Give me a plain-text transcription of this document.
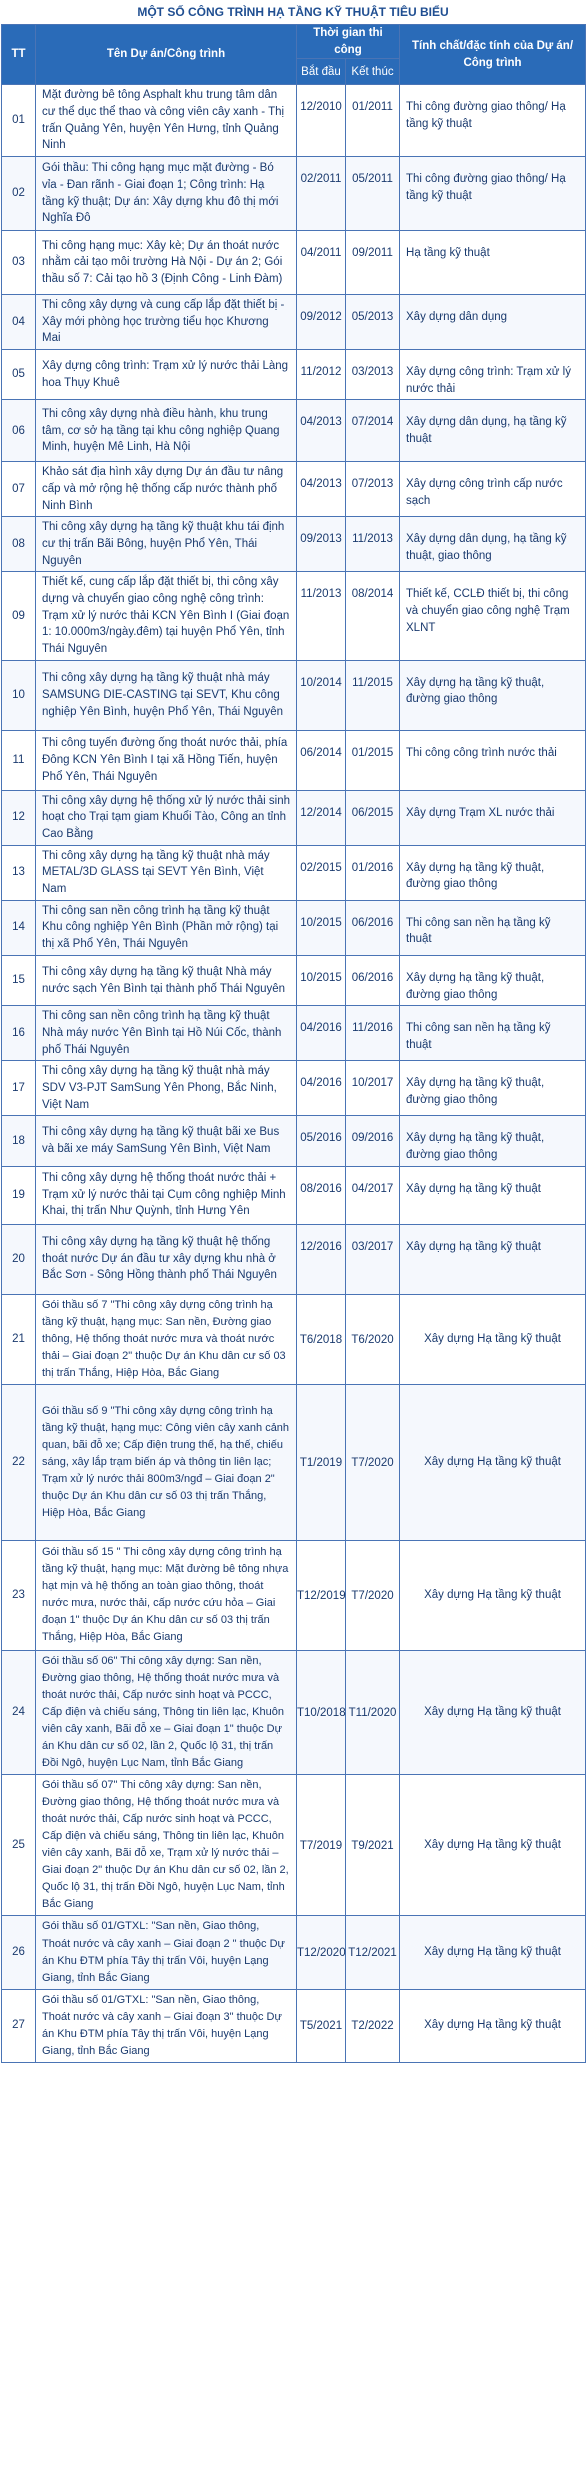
MỘT SỐ CÔNG TRÌNH HẠ TẦNG KỸ THUẬT TIÊU BIỂU
TT	Tên Dự án/Công trình	Thời gian thi công		Tính chất/đặc tính của Dự án/ Công trình
		Bắt đầu	Kết thúc	
01	Mặt đường bê tông Asphalt khu trung tâm dân cư thể dục thể thao và công viên cây xanh - Thị trấn Quảng Yên, huyện Yên Hưng, tỉnh Quảng Ninh	12/2010	01/2011	Thi công đường giao thông/ Hạ tầng kỹ thuật
02	Gói thầu: Thi công hạng mục mặt đường - Bó vỉa - Đan rãnh - Giai đoạn 1; Công trình: Hạ tầng kỹ thuật; Dự án: Xây dựng khu đô thị mới Nghĩa Đô	02/2011	05/2011	Thi công đường giao thông/ Hạ tầng kỹ thuật
03	Thi công hạng mục: Xây kè; Dự án thoát nước nhằm cải tạo môi trường Hà Nội - Dự án 2; Gói thầu số 7: Cải tạo hồ 3 (Định Công - Linh Đàm)	04/2011	09/2011	Hạ tầng kỹ thuật
04	Thi công xây dựng và cung cấp lắp đặt thiết bị - Xây mới phòng học trường tiểu học Khương Mai	09/2012	05/2013	Xây dựng dân dụng
05	Xây dựng công trình: Trạm xử lý nước thải Làng hoa Thụy Khuê	11/2012	03/2013	Xây dựng công trình: Trạm xử lý nước thải
06	Thi công xây dựng nhà điều hành, khu trung tâm, cơ sở hạ tầng tại khu công nghiệp Quang Minh, huyện Mê Linh, Hà Nội	04/2013	07/2014	Xây dựng dân dụng, hạ tầng kỹ thuật
07	Khảo sát địa hình xây dựng Dự án đầu tư nâng cấp và mở rộng hệ thống cấp nước thành phố Ninh Bình	04/2013	07/2013	Xây dựng công trình cấp nước sạch
08	Thi công xây dựng hạ tầng kỹ thuật khu tái định cư thị trấn Bãi Bông, huyện Phổ Yên, Thái Nguyên	09/2013	11/2013	Xây dựng dân dụng, hạ tầng kỹ thuật, giao thông
09	Thiết kế, cung cấp lắp đặt thiết bị, thi công xây dựng và chuyển giao công nghệ công trình: Trạm xử lý nước thải KCN Yên Bình I (Giai đoạn 1: 10.000m3/ngày.đêm) tại huyện Phổ Yên, tỉnh Thái Nguyên	11/2013	08/2014	Thiết kế, CCLĐ thiết bị, thi công và chuyển giao công nghệ Trạm XLNT
10	Thi công xây dựng hạ tầng kỹ thuật nhà máy SAMSUNG DIE-CASTING tại SEVT, Khu công nghiệp Yên Bình, huyện Phổ Yên, Thái Nguyên	10/2014	11/2015	Xây dựng hạ tầng kỹ thuật, đường giao thông
11	Thi công tuyến đường ống thoát nước thải, phía Đông KCN Yên Bình I tại xã Hồng Tiến, huyện Phổ Yên, Thái Nguyên	06/2014	01/2015	Thi công công trình nước thải
12	Thi công xây dựng hệ thống xử lý nước thải sinh hoạt cho Trại tạm giam Khuổi Tào, Công an tỉnh Cao Bằng	12/2014	06/2015	Xây dựng Trạm XL nước thải
13	Thi công xây dựng hạ tầng kỹ thuật nhà máy METAL/3D GLASS tại SEVT Yên Bình, Việt Nam	02/2015	01/2016	Xây dựng hạ tầng kỹ thuật, đường giao thông
14	Thi công san nền công trình hạ tầng kỹ thuật Khu công nghiệp Yên Bình (Phần mở rộng) tại thị xã Phổ Yên, Thái Nguyên	10/2015	06/2016	Thi công san nền hạ tầng kỹ thuật
15	Thi công xây dựng hạ tầng kỹ thuật Nhà máy nước sạch Yên Bình tại thành phố Thái Nguyên	10/2015	06/2016	Xây dựng hạ tầng kỹ thuật, đường giao thông
16	Thi công san nền công trình hạ tầng kỹ thuật Nhà máy nước Yên Bình tại Hồ Núi Cốc, thành phố Thái Nguyên	04/2016	11/2016	Thi công san nền hạ tầng kỹ thuật
17	Thi công xây dựng hạ tầng kỹ thuật nhà máy SDV V3-PJT SamSung Yên Phong, Bắc Ninh, Việt Nam	04/2016	10/2017	Xây dựng hạ tầng kỹ thuật, đường giao thông
18	Thi công xây dựng hạ tầng kỹ thuật bãi xe Bus và bãi xe máy SamSung Yên Bình, Việt Nam	05/2016	09/2016	Xây dựng hạ tầng kỹ thuật, đường giao thông
19	Thi công xây dựng hệ thống thoát nước thải + Trạm xử lý nước thải tại Cụm công nghiệp Minh Khai, thị trấn Như Quỳnh, tỉnh Hưng Yên	08/2016	04/2017	Xây dựng hạ tầng kỹ thuật
20	Thi công xây dựng hạ tầng kỹ thuật hệ thống thoát nước Dự án đầu tư xây dựng khu nhà ở Bắc Sơn - Sông Hồng thành phố Thái Nguyên	12/2016	03/2017	Xây dựng hạ tầng kỹ thuật
21	Gói thầu số 7 "Thi công xây dựng công trình hạ tầng kỹ thuật, hạng mục: San nền, Đường giao thông, Hệ thống thoát nước mưa và thoát nước thải – Giai đoạn 2" thuộc Dự án Khu dân cư số 03 thị trấn Thắng, Hiệp Hòa, Bắc Giang	T6/2018	T6/2020	Xây dựng Hạ tầng kỹ thuật
22	Gói thầu số 9 "Thi công xây dựng công trình hạ tầng kỹ thuật, hạng mục: Công viên cây xanh cảnh quan, bãi đỗ xe; Cấp điện trung thế, hạ thế, chiếu sáng, xây lắp trạm biến áp và thông tin liên lạc; Trạm xử lý nước thải 800m3/ngđ – Giai đoạn 2" thuộc Dự án Khu dân cư số 03 thị trấn Thắng, Hiệp Hòa, Bắc Giang	T1/2019	T7/2020	Xây dựng Hạ tầng kỹ thuật
23	Gói thầu số 15 " Thi công xây dựng công trình hạ tầng kỹ thuật, hạng mục: Mặt đường bê tông nhựa hạt mịn và hệ thống an toàn giao thông, thoát nước mưa, nước thải, cấp nước cứu hỏa – Giai đoạn 1" thuộc Dự án Khu dân cư số 03 thị trấn Thắng, Hiệp Hòa, Bắc Giang	T12/2019	T7/2020	Xây dựng Hạ tầng kỹ thuật
24	Gói thầu số 06" Thi công xây dựng: San nền, Đường giao thông, Hệ thống thoát nước mưa và thoát nước thải, Cấp nước sinh hoạt và PCCC, Cấp điện và chiếu sáng, Thông tin liên lạc, Khuôn viên cây xanh, Bãi đỗ xe – Giai đoạn 1" thuộc Dự án Khu dân cư số 02, lần 2, Quốc lộ 31, thị trấn Đồi Ngô, huyện Lục Nam, tỉnh Bắc Giang	T10/2018	T11/2020	Xây dựng Hạ tầng kỹ thuật
25	Gói thầu số 07" Thi công xây dựng: San nền, Đường giao thông, Hệ thống thoát nước mưa và thoát nước thải, Cấp nước sinh hoạt và PCCC, Cấp điện và chiếu sáng, Thông tin liên lạc, Khuôn viên cây xanh, Bãi đỗ xe, Trạm xử lý nước thải – Giai đoạn 2" thuộc Dự án Khu dân cư số 02, lần 2, Quốc lộ 31, thị trấn Đồi Ngô, huyện Lục Nam, tỉnh Bắc Giang	T7/2019	T9/2021	Xây dựng Hạ tầng kỹ thuật
26	Gói thầu số 01/GTXL: "San nền, Giao thông, Thoát nước và cây xanh – Giai đoạn 2 " thuộc Dự án Khu ĐTM phía Tây thị trấn Vôi, huyện Lạng Giang, tỉnh Bắc Giang	T12/2020	T12/2021	Xây dựng Hạ tầng kỹ thuật
27	Gói thầu số 01/GTXL: "San nền, Giao thông, Thoát nước và cây xanh – Giai đoạn 3" thuộc Dự án Khu ĐTM phía Tây thị trấn Vôi, huyện Lạng Giang, tỉnh Bắc Giang	T5/2021	T2/2022	Xây dựng Hạ tầng kỹ thuật
